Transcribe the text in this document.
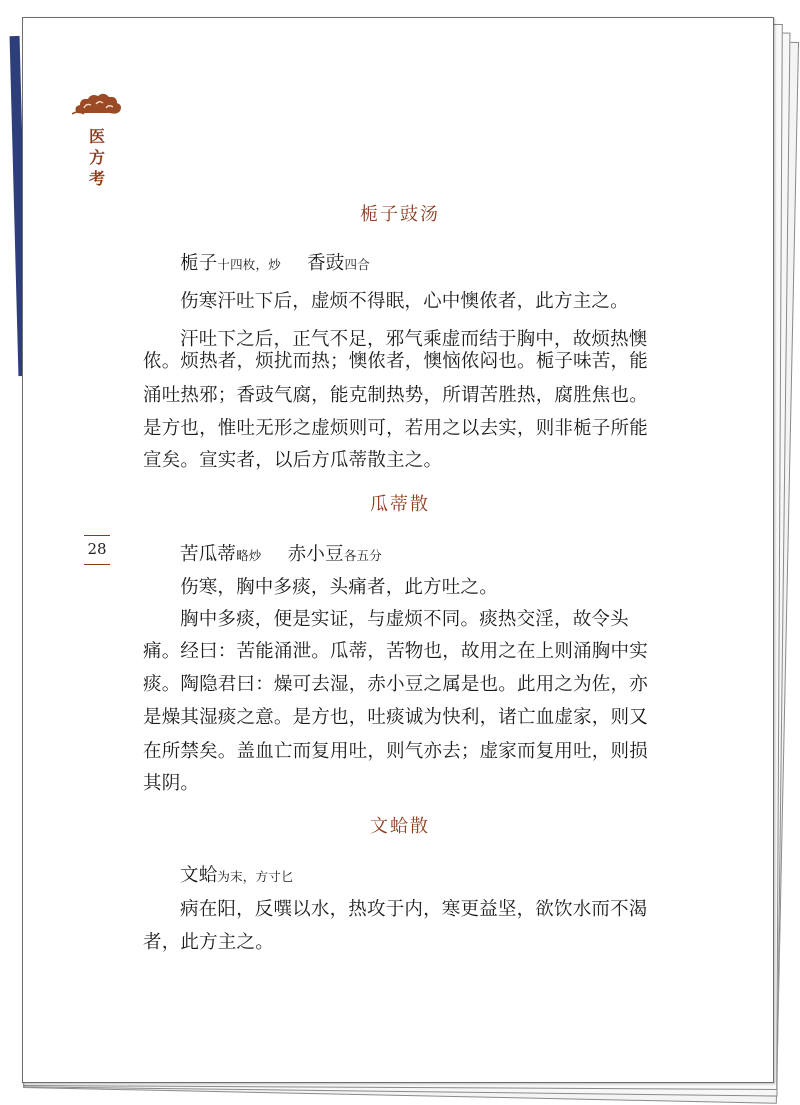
医方考
28
栀子豉汤
栀子十四枚，炒 香豉四合
伤寒汗吐下后，虚烦不得眠，心中懊侬者，此方主之。
汗吐下之后，正气不足，邪气乘虚而结于胸中，故烦热懊
侬。烦热者，烦扰而热；懊侬者，懊恼侬闷也。栀子味苦，能
涌吐热邪；香豉气腐，能克制热势，所谓苦胜热，腐胜焦也。
是方也，惟吐无形之虚烦则可，若用之以去实，则非栀子所能
宣矣。宣实者，以后方瓜蒂散主之。
瓜蒂散
苦瓜蒂略炒 赤小豆各五分
伤寒，胸中多痰，头痛者，此方吐之。
胸中多痰，便是实证，与虚烦不同。痰热交淫，故令头
痛。经曰：苦能涌泄。瓜蒂，苦物也，故用之在上则涌胸中实
痰。陶隐君曰：燥可去湿，赤小豆之属是也。此用之为佐，亦
是燥其湿痰之意。是方也，吐痰诚为快利，诸亡血虚家，则又
在所禁矣。盖血亡而复用吐，则气亦去；虚家而复用吐，则损
其阴。
文蛤散
文蛤为末，方寸匕
病在阳，反噀以水，热攻于内，寒更益坚，欲饮水而不渴
者，此方主之。
